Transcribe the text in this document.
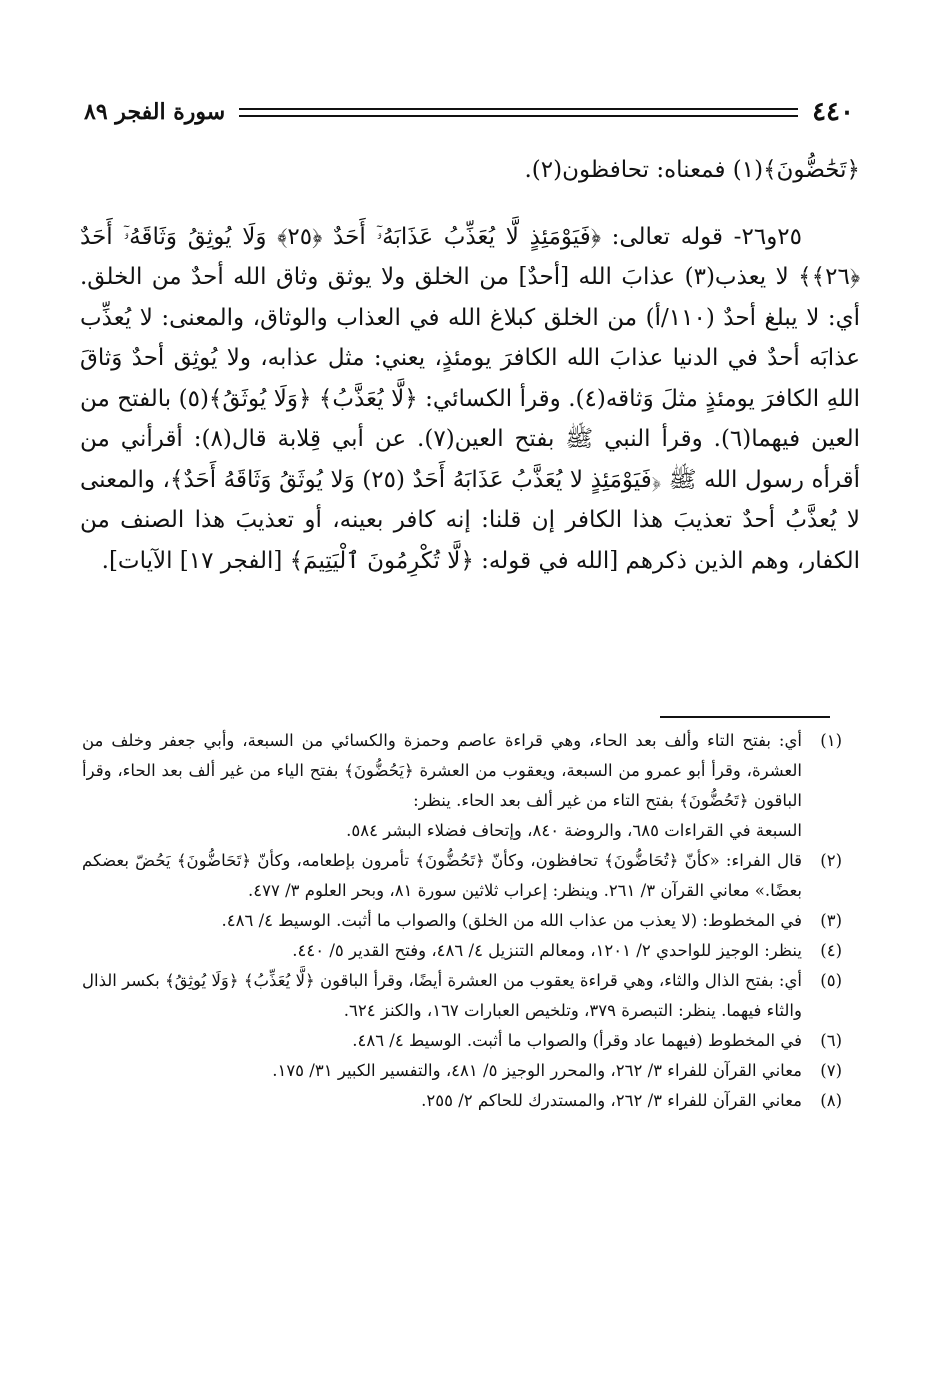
٤٤٠
سورة الفجر ٨٩

﴿تَحَٰضُّونَ﴾(١) فمعناه: تحافظون(٢).

٢٥و٢٦- قوله تعالى: ﴿فَيَوْمَئِذٍ لَّا يُعَذِّبُ عَذَابَهُۥٓ أَحَدٌ ﴿٢٥﴾ وَلَا يُوثِقُ وَثَاقَهُۥٓ أَحَدٌ ﴿٢٦﴾﴾ لا يعذب(٣) عذابَ الله [أحدٌ] من الخلق ولا يوثق وثاق الله أحدٌ من الخلق. أي: لا يبلغ أحدٌ (١١٠/أ) من الخلق كبلاغ الله في العذاب والوثاق، والمعنى: لا يُعذِّب عذابَه أحدٌ في الدنيا عذابَ الله الكافرَ يومئذٍ، يعني: مثل عذابه، ولا يُوثِق أحدٌ وَثاقَ اللهِ الكافرَ يومئذٍ مثلَ وَثاقه(٤). وقرأ الكسائي: ﴿لَّا يُعَذَّبُ﴾ ﴿وَلَا يُوثَقُ﴾(٥) بالفتح من العين فيهما(٦). وقرأ النبي ﷺ بفتح العين(٧). عن أبي قِلابة قال(٨): أقرأني من أقرأه رسول الله ﷺ ﴿فَيَوْمَئِذٍ لا يُعَذَّبُ عَذَابَهُ أَحَدٌ (٢٥) وَلا يُوثَقُ وَثَاقَهُ أَحَدٌ﴾، والمعنى لا يُعذَّبُ أحدٌ تعذيبَ هذا الكافر إن قلنا: إنه كافر بعينه، أو تعذيبَ هذا الصنف من الكفار، وهم الذين ذكرهم [الله في قوله: ﴿لَّا تُكْرِمُونَ ٱلْيَتِيمَ﴾ [الفجر ١٧] الآيات].

(١)
أي: بفتح التاء وألف بعد الحاء، وهي قراءة عاصم وحمزة والكسائي من السبعة، وأبي جعفر وخلف من العشرة، وقرأ أبو عمرو من السبعة، ويعقوب من العشرة ﴿يَحُضُّونَ﴾ بفتح الياء من غير ألف بعد الحاء، وقرأ الباقون ﴿تَحُضُّونَ﴾ بفتح التاء من غير ألف بعد الحاء. ينظر:
السبعة في القراءات ٦٨٥، والروضة ٨٤٠، وإتحاف فضلاء البشر ٥٨٤.
(٢)
قال الفراء: «كأنّ ﴿تُحَاضُّونَ﴾ تحافظون، وكأنّ ﴿تَحُضُّونَ﴾ تأمرون بإطعامه، وكأنّ ﴿تَحَاضُّونَ﴾ يَحُضّ بعضكم بعضًا.» معاني القرآن ٣/ ٢٦١. وينظر: إعراب ثلاثين سورة ٨١، وبحر العلوم ٣/ ٤٧٧.
(٣)
في المخطوط: (لا يعذب من عذاب الله من الخلق) والصواب ما أثبت. الوسيط ٤/ ٤٨٦.
(٤)
ينظر: الوجيز للواحدي ٢/ ١٢٠١، ومعالم التنزيل ٤/ ٤٨٦، وفتح القدير ٥/ ٤٤٠.
(٥)
أي: بفتح الذال والثاء، وهي قراءة يعقوب من العشرة أيضًا، وقرأ الباقون ﴿لَّا يُعَذِّبُ﴾ ﴿وَلَا يُوثِقُ﴾ بكسر الذال والثاء فيهما. ينظر: التبصرة ٣٧٩، وتلخيص العبارات ١٦٧، والكنز ٦٢٤.
(٦)
في المخطوط (فيهما عاد وقرأ) والصواب ما أثبت. الوسيط ٤/ ٤٨٦.
(٧)
معاني القرآن للفراء ٣/ ٢٦٢، والمحرر الوجيز ٥/ ٤٨١، والتفسير الكبير ٣١/ ١٧٥.
(٨)
معاني القرآن للفراء ٣/ ٢٦٢، والمستدرك للحاكم ٢/ ٢٥٥.
